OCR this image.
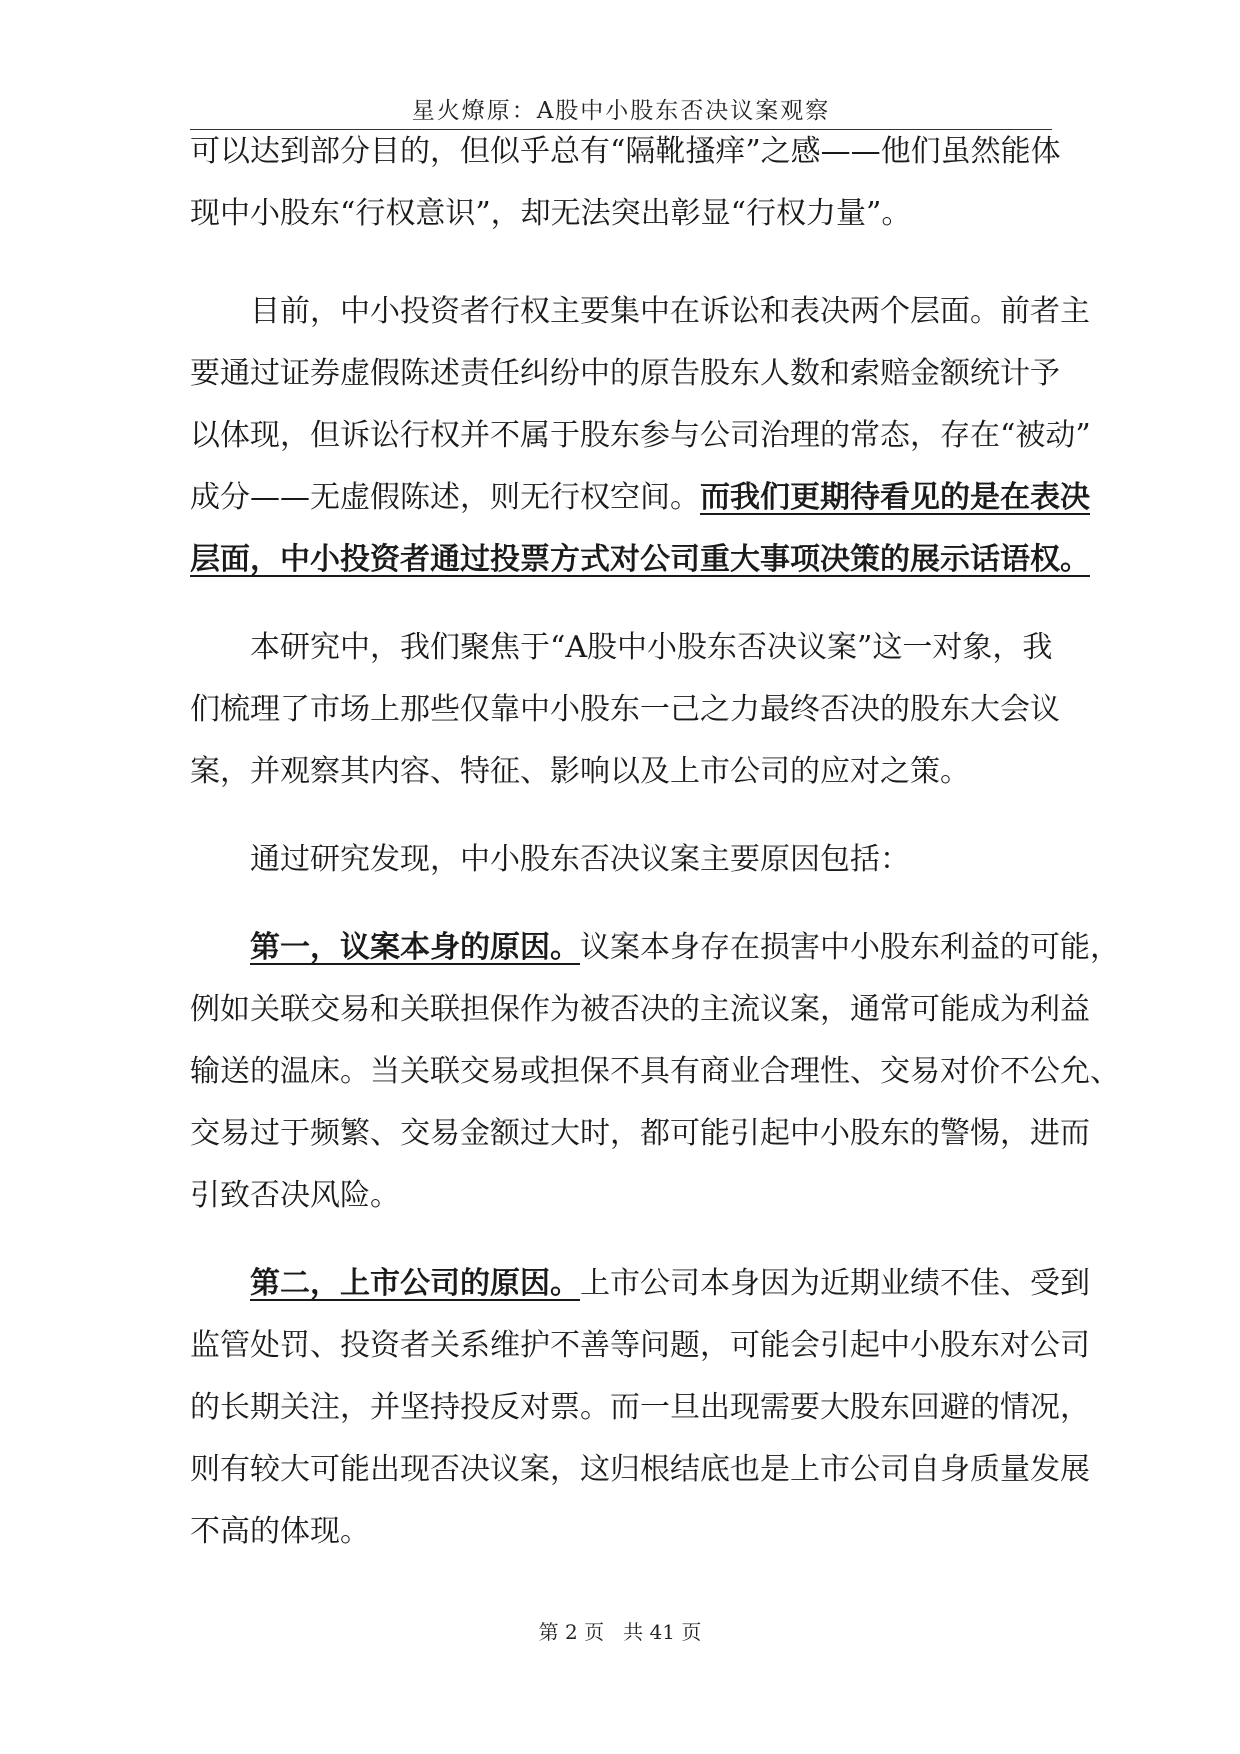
星火燎原：A股中小股东否决议案观察
可以达到部分目的，但似乎总有“隔靴搔痒”之感——他们虽然能体
现中小股东“行权意识”，却无法突出彰显“行权力量”。
目前，中小投资者行权主要集中在诉讼和表决两个层面。前者主
要通过证券虚假陈述责任纠纷中的原告股东人数和索赔金额统计予
以体现，但诉讼行权并不属于股东参与公司治理的常态，存在“被动”
成分——无虚假陈述，则无行权空间。而我们更期待看见的是在表决
层面，中小投资者通过投票方式对公司重大事项决策的展示话语权。
本研究中，我们聚焦于“A股中小股东否决议案”这一对象，我
们梳理了市场上那些仅靠中小股东一己之力最终否决的股东大会议
案，并观察其内容、特征、影响以及上市公司的应对之策。
通过研究发现，中小股东否决议案主要原因包括：
第一，议案本身的原因。议案本身存在损害中小股东利益的可能，
例如关联交易和关联担保作为被否决的主流议案，通常可能成为利益
输送的温床。当关联交易或担保不具有商业合理性、交易对价不公允、
交易过于频繁、交易金额过大时，都可能引起中小股东的警惕，进而
引致否决风险。
第二，上市公司的原因。上市公司本身因为近期业绩不佳、受到
监管处罚、投资者关系维护不善等问题，可能会引起中小股东对公司
的长期关注，并坚持投反对票。而一旦出现需要大股东回避的情况，
则有较大可能出现否决议案，这归根结底也是上市公司自身质量发展
不高的体现。
第 2 页   共 41 页
